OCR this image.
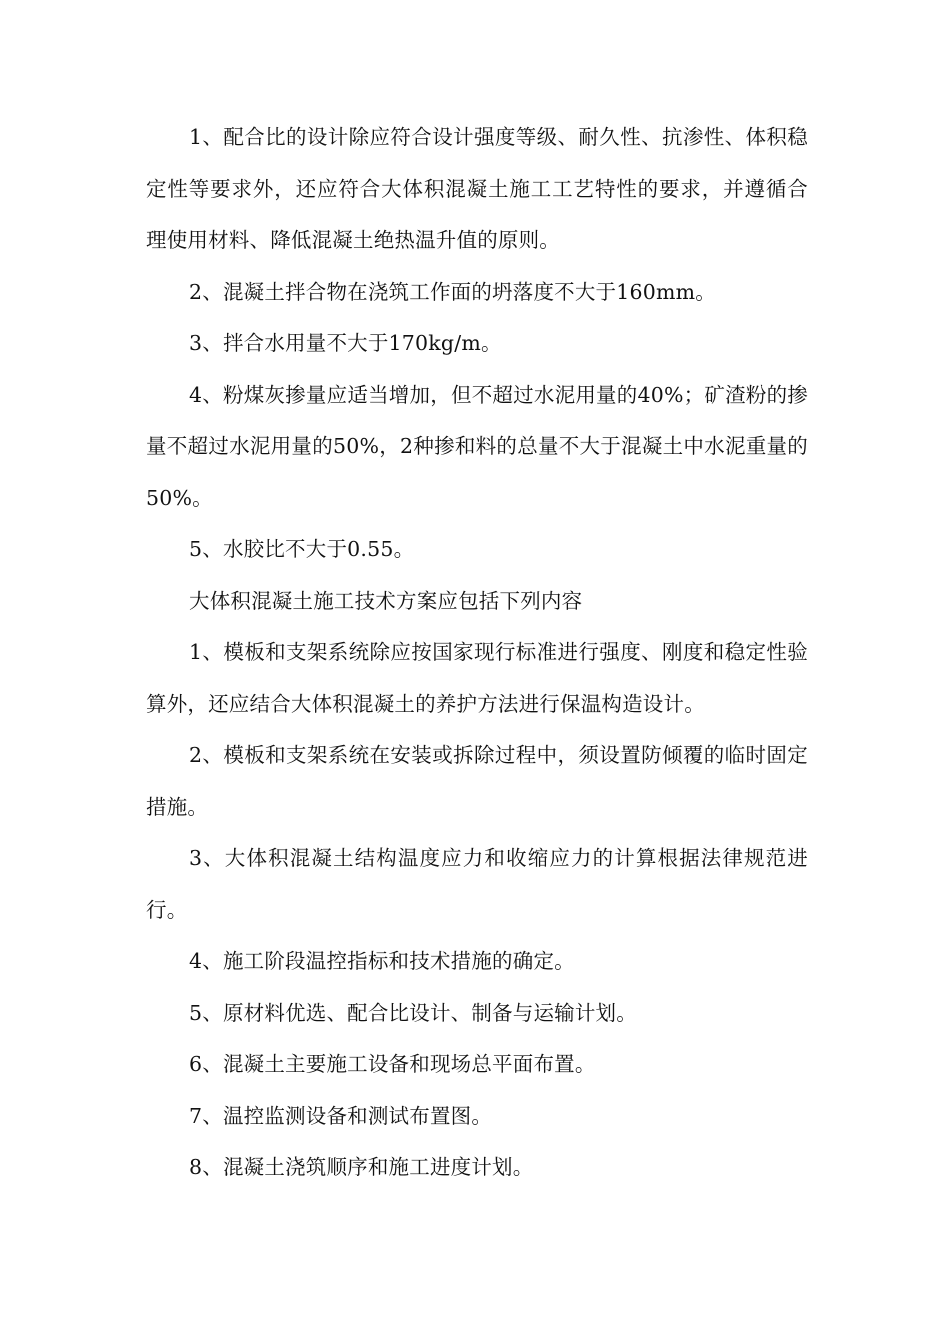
1、配合比的设计除应符合设计强度等级、耐久性、抗渗性、体积稳定性等要求外，还应符合大体积混凝土施工工艺特性的要求，并遵循合理使用材料、降低混凝土绝热温升值的原则。

2、混凝土拌合物在浇筑工作面的坍落度不大于160mm。

3、拌合水用量不大于170kg/m。

4、粉煤灰掺量应适当增加，但不超过水泥用量的40%；矿渣粉的掺量不超过水泥用量的50%，2种掺和料的总量不大于混凝土中水泥重量的50%。

5、水胶比不大于0.55。

大体积混凝土施工技术方案应包括下列内容

1、模板和支架系统除应按国家现行标准进行强度、刚度和稳定性验算外，还应结合大体积混凝土的养护方法进行保温构造设计。

2、模板和支架系统在安装或拆除过程中，须设置防倾覆的临时固定措施。

3、大体积混凝土结构温度应力和收缩应力的计算根据法律规范进行。

4、施工阶段温控指标和技术措施的确定。

5、原材料优选、配合比设计、制备与运输计划。

6、混凝土主要施工设备和现场总平面布置。

7、温控监测设备和测试布置图。

8、混凝土浇筑顺序和施工进度计划。
